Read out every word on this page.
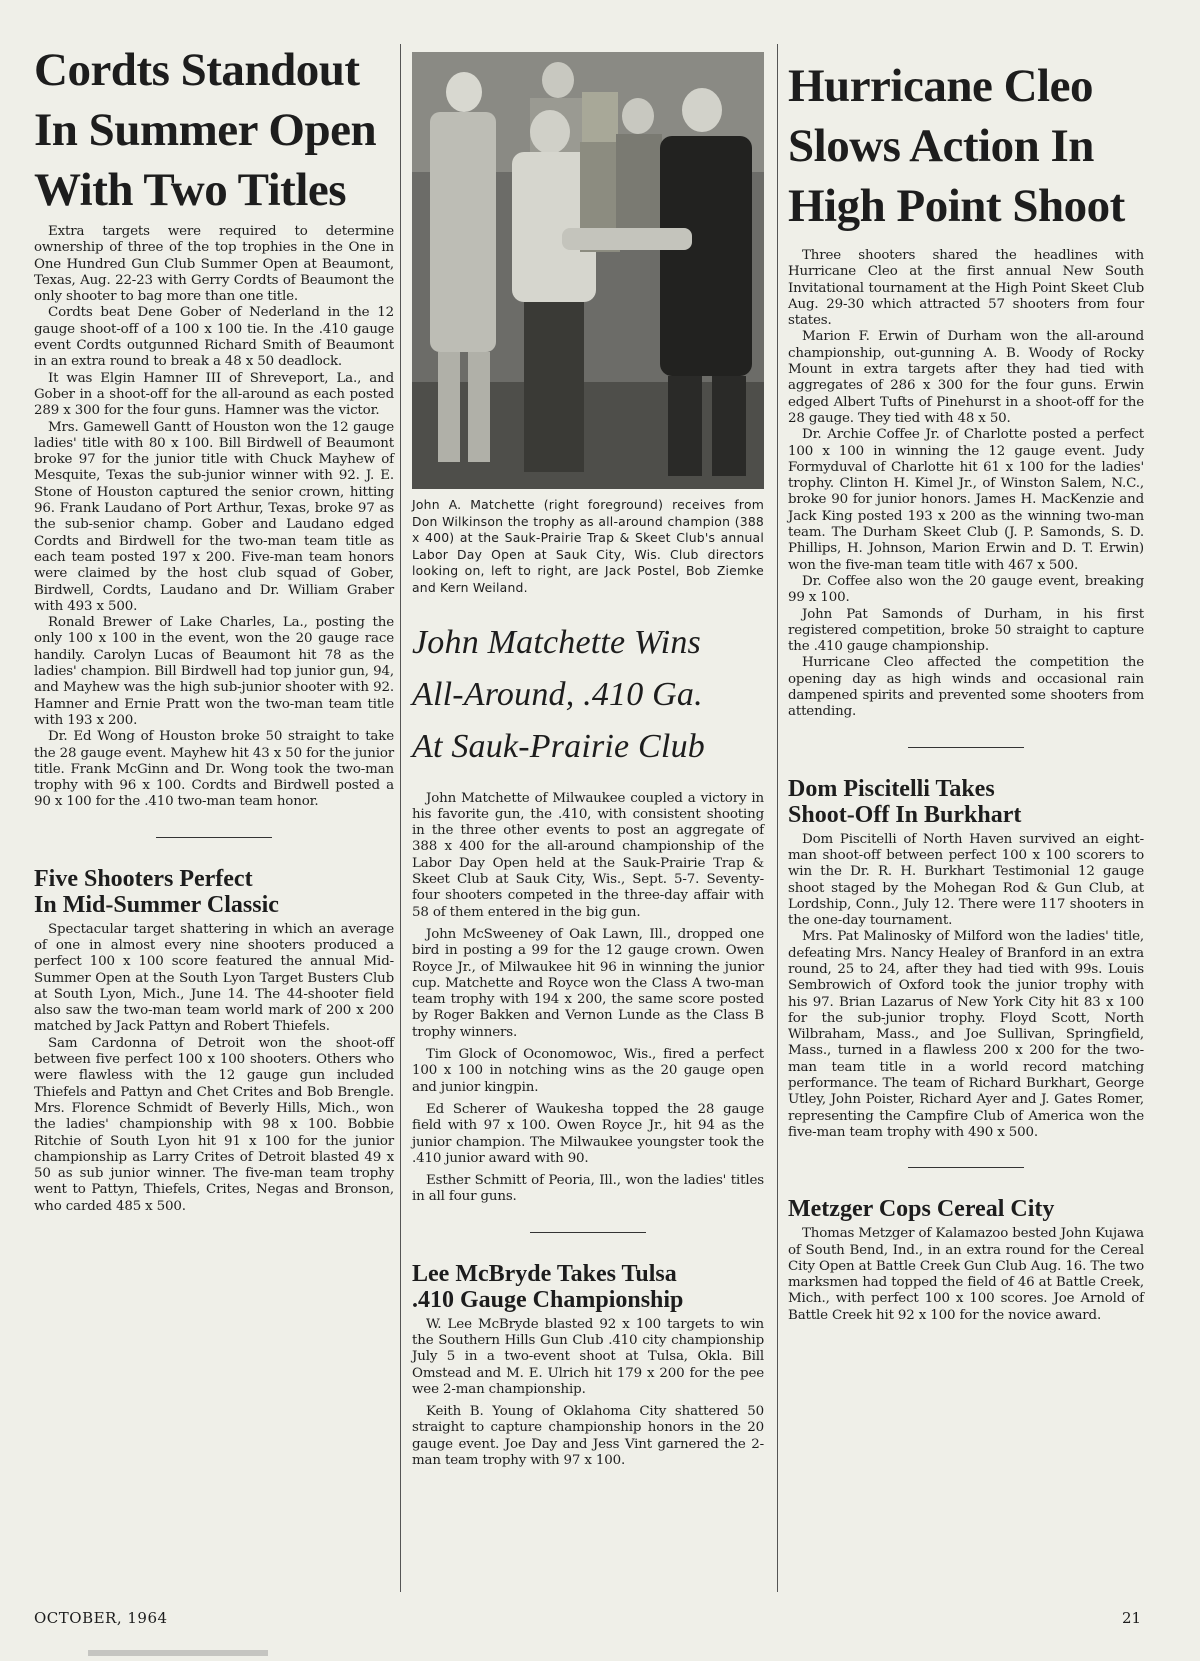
Cordts Standout
In Summer Open
With Two Titles

Extra targets were required to determine ownership of three of the top trophies in the One in One Hundred Gun Club Summer Open at Beaumont, Texas, Aug. 22-23 with Gerry Cordts of Beaumont the only shooter to bag more than one title.

Cordts beat Dene Gober of Nederland in the 12 gauge shoot-off of a 100 x 100 tie. In the .410 gauge event Cordts outgunned Richard Smith of Beaumont in an extra round to break a 48 x 50 deadlock.

It was Elgin Hamner III of Shreveport, La., and Gober in a shoot-off for the all-around as each posted 289 x 300 for the four guns. Hamner was the victor.

Mrs. Gamewell Gantt of Houston won the 12 gauge ladies' title with 80 x 100. Bill Birdwell of Beaumont broke 97 for the junior title with Chuck Mayhew of Mesquite, Texas the sub-junior winner with 92. J. E. Stone of Houston captured the senior crown, hitting 96. Frank Laudano of Port Arthur, Texas, broke 97 as the sub-senior champ. Gober and Laudano edged Cordts and Birdwell for the two-man team title as each team posted 197 x 200. Five-man team honors were claimed by the host club squad of Gober, Birdwell, Cordts, Laudano and Dr. William Graber with 493 x 500.

Ronald Brewer of Lake Charles, La., posting the only 100 x 100 in the event, won the 20 gauge race handily. Carolyn Lucas of Beaumont hit 78 as the ladies' champion. Bill Birdwell had top junior gun, 94, and Mayhew was the high sub-junior shooter with 92. Hamner and Ernie Pratt won the two-man team title with 193 x 200.

Dr. Ed Wong of Houston broke 50 straight to take the 28 gauge event. Mayhew hit 43 x 50 for the junior title. Frank McGinn and Dr. Wong took the two-man trophy with 96 x 100. Cordts and Birdwell posted a 90 x 100 for the .410 two-man team honor.

Five Shooters Perfect
In Mid-Summer Classic

Spectacular target shattering in which an average of one in almost every nine shooters produced a perfect 100 x 100 score featured the annual Mid-Summer Open at the South Lyon Target Busters Club at South Lyon, Mich., June 14. The 44-shooter field also saw the two-man team world mark of 200 x 200 matched by Jack Pattyn and Robert Thiefels.

Sam Cardonna of Detroit won the shoot-off between five perfect 100 x 100 shooters. Others who were flawless with the 12 gauge gun included Thiefels and Pattyn and Chet Crites and Bob Brengle. Mrs. Florence Schmidt of Beverly Hills, Mich., won the ladies' championship with 98 x 100. Bobbie Ritchie of South Lyon hit 91 x 100 for the junior championship as Larry Crites of Detroit blasted 49 x 50 as sub junior winner. The five-man team trophy went to Pattyn, Thiefels, Crites, Negas and Bronson, who carded 485 x 500.

John A. Matchette (right foreground) receives from Don Wilkinson the trophy as all-around champion (388 x 400) at the Sauk-Prairie Trap & Skeet Club's annual Labor Day Open at Sauk City, Wis. Club directors looking on, left to right, are Jack Postel, Bob Ziemke and Kern Weiland.
John Matchette Wins
All-Around, .410 Ga.
At Sauk-Prairie Club

John Matchette of Milwaukee coupled a victory in his favorite gun, the .410, with consistent shooting in the three other events to post an aggregate of 388 x 400 for the all-around championship of the Labor Day Open held at the Sauk-Prairie Trap & Skeet Club at Sauk City, Wis., Sept. 5-7. Seventy-four shooters competed in the three-day affair with 58 of them entered in the big gun.

John McSweeney of Oak Lawn, Ill., dropped one bird in posting a 99 for the 12 gauge crown. Owen Royce Jr., of Milwaukee hit 96 in winning the junior cup. Matchette and Royce won the Class A two-man team trophy with 194 x 200, the same score posted by Roger Bakken and Vernon Lunde as the Class B trophy winners.

Tim Glock of Oconomowoc, Wis., fired a perfect 100 x 100 in notching wins as the 20 gauge open and junior kingpin.

Ed Scherer of Waukesha topped the 28 gauge field with 97 x 100. Owen Royce Jr., hit 94 as the junior champion. The Milwaukee youngster took the .410 junior award with 90.

Esther Schmitt of Peoria, Ill., won the ladies' titles in all four guns.

Lee McBryde Takes Tulsa
.410 Gauge Championship

W. Lee McBryde blasted 92 x 100 targets to win the Southern Hills Gun Club .410 city championship July 5 in a two-event shoot at Tulsa, Okla. Bill Omstead and M. E. Ulrich hit 179 x 200 for the pee wee 2-man championship.

Keith B. Young of Oklahoma City shattered 50 straight to capture championship honors in the 20 gauge event. Joe Day and Jess Vint garnered the 2-man team trophy with 97 x 100.

Hurricane Cleo
Slows Action In
High Point Shoot

Three shooters shared the headlines with Hurricane Cleo at the first annual New South Invitational tournament at the High Point Skeet Club Aug. 29-30 which attracted 57 shooters from four states.

Marion F. Erwin of Durham won the all-around championship, out-gunning A. B. Woody of Rocky Mount in extra targets after they had tied with aggregates of 286 x 300 for the four guns. Erwin edged Albert Tufts of Pinehurst in a shoot-off for the 28 gauge. They tied with 48 x 50.

Dr. Archie Coffee Jr. of Charlotte posted a perfect 100 x 100 in winning the 12 gauge event. Judy Formyduval of Charlotte hit 61 x 100 for the ladies' trophy. Clinton H. Kimel Jr., of Winston Salem, N.C., broke 90 for junior honors. James H. MacKenzie and Jack King posted 193 x 200 as the winning two-man team. The Durham Skeet Club (J. P. Samonds, S. D. Phillips, H. Johnson, Marion Erwin and D. T. Erwin) won the five-man team title with 467 x 500.

Dr. Coffee also won the 20 gauge event, breaking 99 x 100.

John Pat Samonds of Durham, in his first registered competition, broke 50 straight to capture the .410 gauge championship.

Hurricane Cleo affected the competition the opening day as high winds and occasional rain dampened spirits and prevented some shooters from attending.

Dom Piscitelli Takes
Shoot-Off In Burkhart

Dom Piscitelli of North Haven survived an eight-man shoot-off between perfect 100 x 100 scorers to win the Dr. R. H. Burkhart Testimonial 12 gauge shoot staged by the Mohegan Rod & Gun Club, at Lordship, Conn., July 12. There were 117 shooters in the one-day tournament.

Mrs. Pat Malinosky of Milford won the ladies' title, defeating Mrs. Nancy Healey of Branford in an extra round, 25 to 24, after they had tied with 99s. Louis Sembrowich of Oxford took the junior trophy with his 97. Brian Lazarus of New York City hit 83 x 100 for the sub-junior trophy. Floyd Scott, North Wilbraham, Mass., and Joe Sullivan, Springfield, Mass., turned in a flawless 200 x 200 for the two-man team title in a world record matching performance. The team of Richard Burkhart, George Utley, John Poister, Richard Ayer and J. Gates Romer, representing the Campfire Club of America won the five-man team trophy with 490 x 500.

Metzger Cops Cereal City

Thomas Metzger of Kalamazoo bested John Kujawa of South Bend, Ind., in an extra round for the Cereal City Open at Battle Creek Gun Club Aug. 16. The two marksmen had topped the field of 46 at Battle Creek, Mich., with perfect 100 x 100 scores. Joe Arnold of Battle Creek hit 92 x 100 for the novice award.

OCTOBER, 1964	21
